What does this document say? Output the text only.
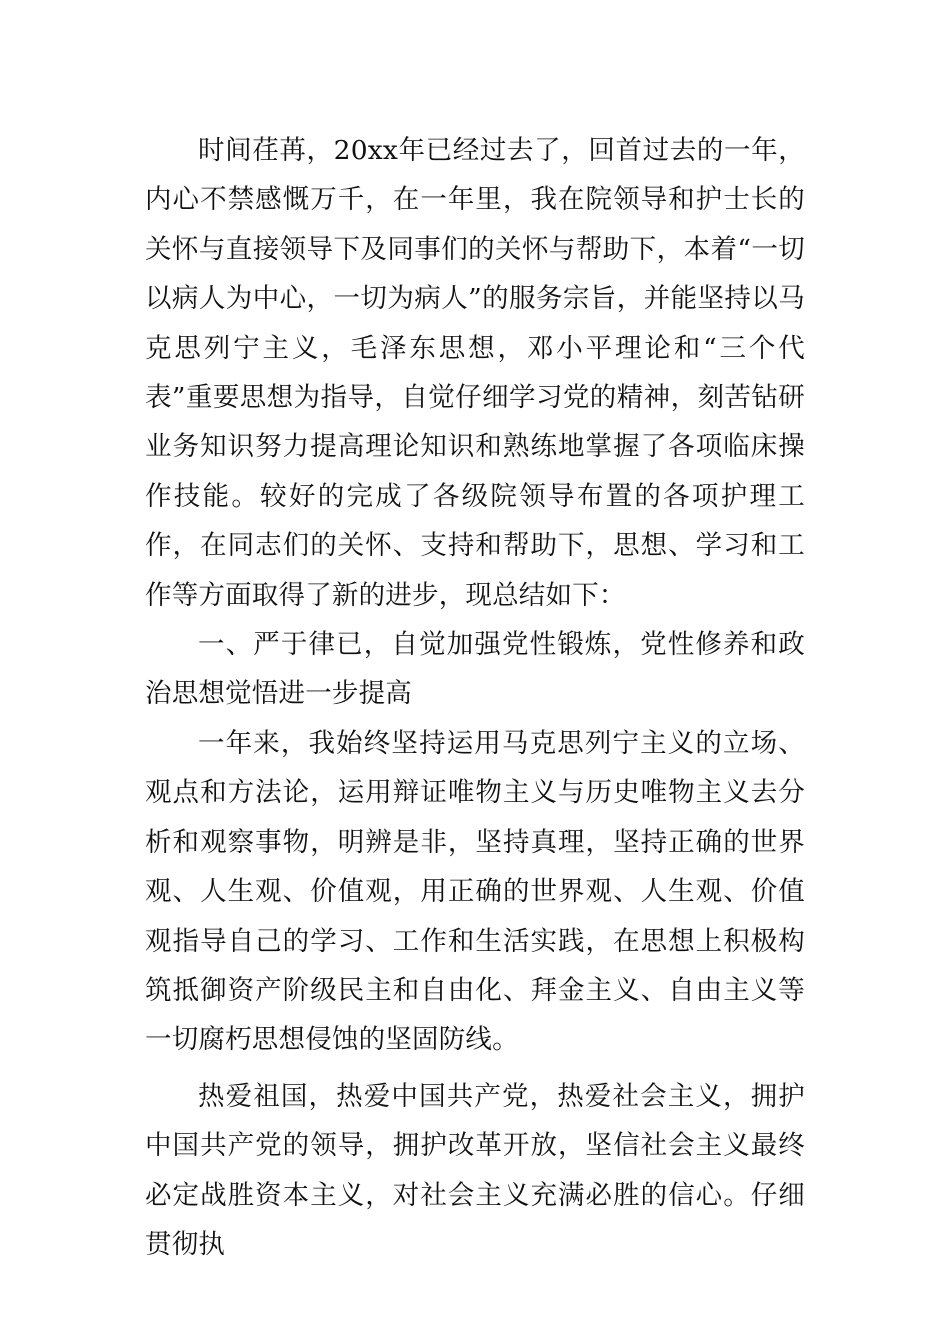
时间荏苒，20xx年已经过去了，回首过去的一年，内心不禁感慨万千，在一年里，我在院领导和护士长的关怀与直接领导下及同事们的关怀与帮助下，本着“一切以病人为中心，一切为病人”的服务宗旨，并能坚持以马克思列宁主义，毛泽东思想，邓小平理论和“三个代表”重要思想为指导，自觉仔细学习党的精神，刻苦钻研业务知识努力提高理论知识和熟练地掌握了各项临床操作技能。较好的完成了各级院领导布置的各项护理工作，在同志们的关怀、支持和帮助下，思想、学习和工作等方面取得了新的进步，现总结如下：

一、严于律已，自觉加强党性锻炼，党性修养和政治思想觉悟进一步提高

一年来，我始终坚持运用马克思列宁主义的立场、观点和方法论，运用辩证唯物主义与历史唯物主义去分析和观察事物，明辨是非，坚持真理，坚持正确的世界观、人生观、价值观，用正确的世界观、人生观、价值观指导自己的学习、工作和生活实践，在思想上积极构筑抵御资产阶级民主和自由化、拜金主义、自由主义等一切腐朽思想侵蚀的坚固防线。

热爱祖国，热爱中国共产党，热爱社会主义，拥护中国共产党的领导，拥护改革开放，坚信社会主义最终必定战胜资本主义，对社会主义充满必胜的信心。仔细贯彻执
